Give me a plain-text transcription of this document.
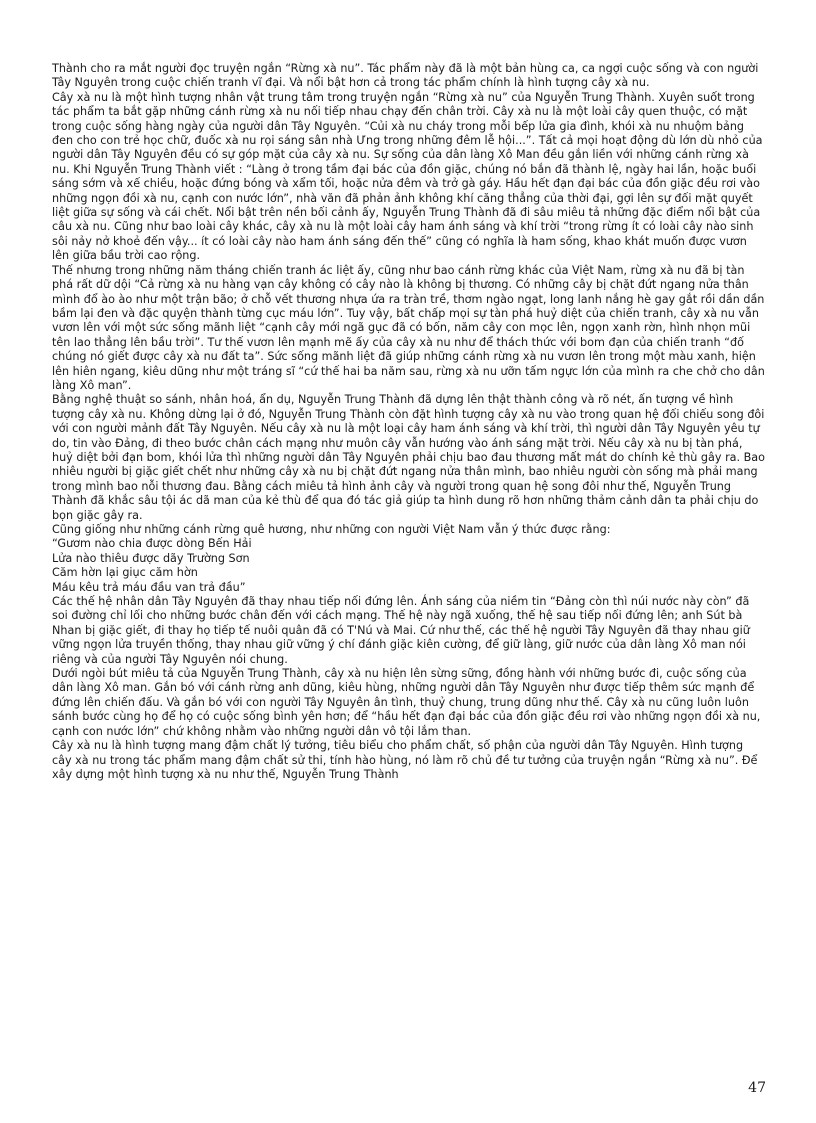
Thành cho ra mắt người đọc truyện ngắn “Rừng xà nu”. Tác phẩm này đã là một bản hùng ca, ca ngợi cuộc sống và con người Tây Nguyên trong cuộc chiến tranh vĩ đại. Và nổi bật hơn cả trong tác phẩm chính là hình tượng cây xà nu.

Cây xà nu là một hình tượng nhân vật trung tâm trong truyện ngắn “Rừng xà nu” của Nguyễn Trung Thành. Xuyên suốt trong tác phẩm ta bắt gặp những cánh rừng xà nu nối tiếp nhau chạy đến chân trời. Cây xà nu là một loài cây quen thuộc, có mặt trong cuộc sống hàng ngày của người dân Tây Nguyên. “Củi xà nu cháy trong mỗi bếp lửa gia đình, khói xà nu nhuộm bảng đen cho con trẻ học chữ, đuốc xà nu rọi sáng sân nhà Ưng trong những đêm lễ hội...”. Tất cả mọi hoạt động dù lớn dù nhỏ của người dân Tây Nguyên đều có sự góp mặt của cây xà nu. Sự sống của dân làng Xô Man đều gắn liền với những cánh rừng xà nu. Khi Nguyễn Trung Thành viết : “Làng ở trong tầm đại bác của đồn giặc, chúng nó bắn đã thành lệ, ngày hai lần, hoặc buổi sáng sớm và xế chiều, hoặc đứng bóng và xẩm tối, hoặc nửa đêm và trở gà gáy. Hầu hết đạn đại bác của đồn giặc đều rơi vào những ngọn đồi xà nu, cạnh con nước lớn”, nhà văn đã phản ảnh không khí căng thẳng của thời đại, gợi lên sự đối mặt quyết liệt giữa sự sống và cái chết. Nổi bật trên nền bối cảnh ấy, Nguyễn Trung Thành đã đi sâu miêu tả những đặc điểm nổi bật của câu xà nu. Cũng như bao loài cây khác, cây xà nu là một loài cây ham ánh sáng và khí trời “trong rừng ít có loài cây nào sinh sôi nảy nở khoẻ đến vậy... ít có loài cây nào ham ánh sáng đến thế” cũng có nghĩa là ham sống, khao khát muốn được vươn lên giữa bầu trời cao rộng.

Thế nhưng trong những năm tháng chiến tranh ác liệt ấy, cũng như bao cánh rừng khác của Việt Nam, rừng xà nu đã bị tàn phá rất dữ dội “Cả rừng xà nu hàng vạn cây không có cây nào là không bị thương. Có những cây bị chặt đứt ngang nửa thân mình đổ ào ào như một trận bão; ở chỗ vết thương nhựa ứa ra tràn trề, thơm ngào ngạt, long lanh nắng hè gay gắt rồi dần dần bầm lại đen và đặc quyện thành từng cục máu lớn”. Tuy vậy, bất chấp mọi sự tàn phá huỷ diệt của chiến tranh, cây xà nu vẫn vươn lên với một sức sống mãnh liệt “cạnh cây mới ngã gục đã có bốn, năm cây con mọc lên, ngọn xanh rờn, hình nhọn mũi tên lao thẳng lên bầu trời”. Tư thế vươn lên mạnh mẽ ấy của cây xà nu như để thách thức với bom đạn của chiến tranh “đố chúng nó giết được cây xà nu đất ta”. Sức sống mãnh liệt đã giúp những cánh rừng xà nu vươn lên trong một màu xanh, hiện lên hiên ngang, kiêu dũng như một tráng sĩ “cứ thế hai ba năm sau, rừng xà nu ưỡn tấm ngực lớn của mình ra che chở cho dân làng Xô man”.

Bằng nghệ thuật so sánh, nhân hoá, ẩn dụ, Nguyễn Trung Thành đã dựng lên thật thành công và rõ nét, ấn tượng về hình tượng cây xà nu. Không dừng lại ở đó, Nguyễn Trung Thành còn đặt hình tượng cây xà nu vào trong quan hệ đối chiếu song đôi với con người mảnh đất Tây Nguyên. Nếu cây xà nu là một loại cây ham ánh sáng và khí trời, thì người dân Tây Nguyên yêu tự do, tin vào Đảng, đi theo bước chân cách mạng như muôn cây vẫn hướng vào ánh sáng mặt trời. Nếu cây xà nu bị tàn phá, huỷ diệt bởi đạn bom, khói lửa thì những người dân Tây Nguyên phải chịu bao đau thương mất mát do chính kẻ thù gây ra. Bao nhiêu người bị giặc giết chết như những cây xà nu bị chặt đứt ngang nửa thân mình, bao nhiêu người còn sống mà phải mang trong mình bao nỗi thương đau. Bằng cách miêu tả hình ảnh cây và người trong quan hệ song đôi như thế, Nguyễn Trung Thành đã khắc sâu tội ác dã man của kẻ thù để qua đó tác giả giúp ta hình dung rõ hơn những thảm cảnh dân ta phải chịu do bọn giặc gây ra.

Cũng giống như những cánh rừng quê hương, như những con người Việt Nam vẫn ý thức được rằng:

“Gươm nào chia được dòng Bến Hải
Lửa nào thiêu được dãy Trường Sơn
Căm hờn lại giục căm hờn
Máu kêu trả máu đầu van trả đầu”

Các thế hệ nhân dân Tây Nguyên đã thay nhau tiếp nối đứng lên. Ánh sáng của niềm tin “Đảng còn thì núi nước này còn” đã soi đường chỉ lối cho những bước chân đến với cách mạng. Thế hệ này ngã xuống, thế hệ sau tiếp nối đứng lên; anh Sút bà Nhan bị giặc giết, đi thay họ tiếp tế nuôi quân đã có T'Nú và Mai. Cứ như thế, các thế hệ người Tây Nguyên đã thay nhau giữ vững ngọn lửa truyền thống, thay nhau giữ vững ý chí đánh giặc kiên cường, để giữ làng, giữ nước của dân làng Xô man nói riêng và của người Tây Nguyên nói chung.

Dưới ngòi bút miêu tả của Nguyễn Trung Thành, cây xà nu hiện lên sừng sững, đồng hành với những bước đi, cuộc sống của dân làng Xô man. Gắn bó với cánh rừng anh dũng, kiêu hùng, những người dân Tây Nguyên như được tiếp thêm sức mạnh để đứng lên chiến đấu. Và gắn bó với con người Tây Nguyên ân tình, thuỷ chung, trung dũng như thế. Cây xà nu cũng luôn luôn sánh bước cùng họ để họ có cuộc sống bình yên hơn; để “hầu hết đạn đại bác của đồn giặc đều rơi vào những ngọn đồi xà nu, cạnh con nước lớn” chứ không nhằm vào những người dân vô tội lắm than.

Cây xà nu là hình tượng mang đậm chất lý tưởng, tiêu biểu cho phẩm chất, số phận của người dân Tây Nguyên. Hình tượng cây xà nu trong tác phẩm mang đậm chất sử thi, tính hào hùng, nó làm rõ chủ đề tư tưởng của truyện ngắn “Rừng xà nu”. Để xây dựng một hình tượng xà nu như thế, Nguyễn Trung Thành

47
